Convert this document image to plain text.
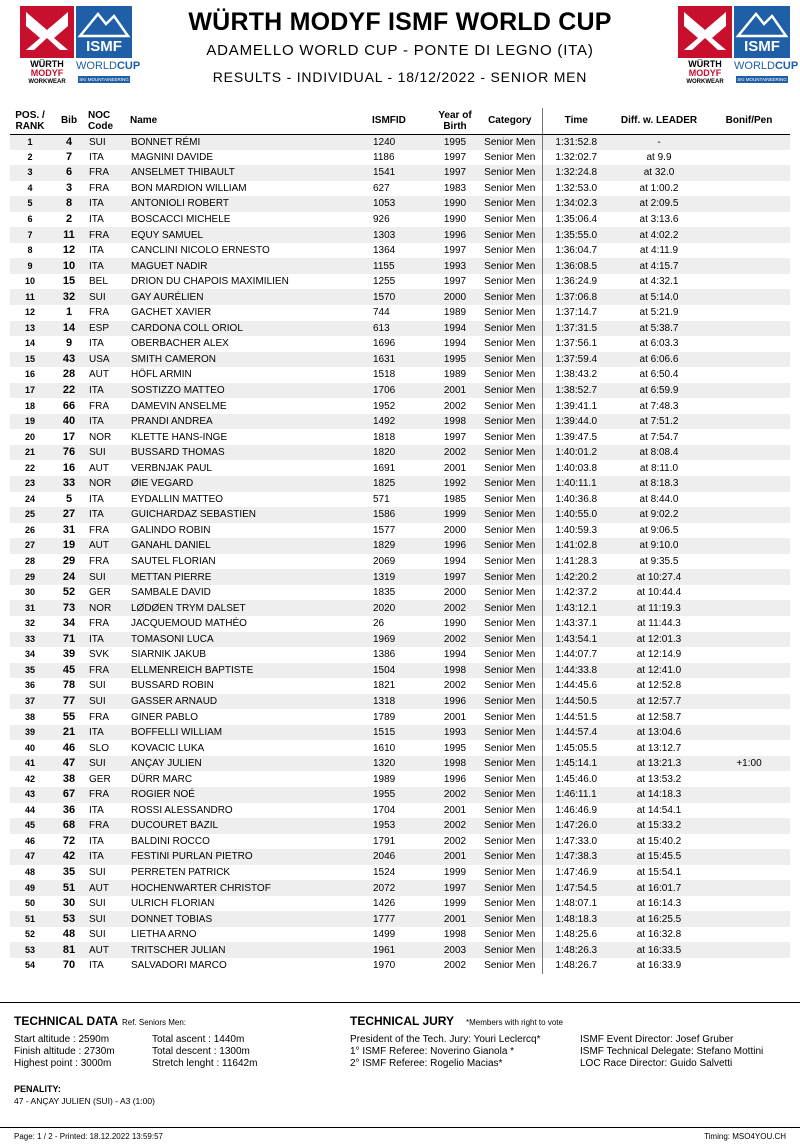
WÜRTH
MODYF
WORKWEAR
ISMF
WORLDCUP
SKI MOUNTAINEERING
WÜRTH
MODYF
WORKWEAR
ISMF
WORLDCUP
SKI MOUNTAINEERING
WÜRTH MODYF ISMF WORLD CUP
ADAMELLO WORLD CUP - PONTE DI LEGNO (ITA)
RESULTS - INDIVIDUAL - 18/12/2022 - SENIOR MEN
POS. / RANK	Bib	NOC Code	Name	ISMFID	Year of Birth	Category	Time	Diff. w. LEADER	Bonif/Pen
1	4	SUI	BONNET RÉMI	1240	1995	Senior Men	1:31:52.8	-	
2	7	ITA	MAGNINI DAVIDE	1186	1997	Senior Men	1:32:02.7	at 9.9	
3	6	FRA	ANSELMET THIBAULT	1541	1997	Senior Men	1:32:24.8	at 32.0	
4	3	FRA	BON MARDION WILLIAM	627	1983	Senior Men	1:32:53.0	at 1:00.2	
5	8	ITA	ANTONIOLI ROBERT	1053	1990	Senior Men	1:34:02.3	at 2:09.5	
6	2	ITA	BOSCACCI MICHELE	926	1990	Senior Men	1:35:06.4	at 3:13.6	
7	11	FRA	EQUY SAMUEL	1303	1996	Senior Men	1:35:55.0	at 4:02.2	
8	12	ITA	CANCLINI NICOLO ERNESTO	1364	1997	Senior Men	1:36:04.7	at 4:11.9	
9	10	ITA	MAGUET NADIR	1155	1993	Senior Men	1:36:08.5	at 4:15.7	
10	15	BEL	DRION DU CHAPOIS MAXIMILIEN	1255	1997	Senior Men	1:36:24.9	at 4:32.1	
11	32	SUI	GAY AURÉLIEN	1570	2000	Senior Men	1:37:06.8	at 5:14.0	
12	1	FRA	GACHET XAVIER	744	1989	Senior Men	1:37:14.7	at 5:21.9	
13	14	ESP	CARDONA COLL ORIOL	613	1994	Senior Men	1:37:31.5	at 5:38.7	
14	9	ITA	OBERBACHER ALEX	1696	1994	Senior Men	1:37:56.1	at 6:03.3	
15	43	USA	SMITH CAMERON	1631	1995	Senior Men	1:37:59.4	at 6:06.6	
16	28	AUT	HÖFL ARMIN	1518	1989	Senior Men	1:38:43.2	at 6:50.4	
17	22	ITA	SOSTIZZO MATTEO	1706	2001	Senior Men	1:38:52.7	at 6:59.9	
18	66	FRA	DAMEVIN ANSELME	1952	2002	Senior Men	1:39:41.1	at 7:48.3	
19	40	ITA	PRANDI ANDREA	1492	1998	Senior Men	1:39:44.0	at 7:51.2	
20	17	NOR	KLETTE HANS-INGE	1818	1997	Senior Men	1:39:47.5	at 7:54.7	
21	76	SUI	BUSSARD THOMAS	1820	2002	Senior Men	1:40:01.2	at 8:08.4	
22	16	AUT	VERBNJAK PAUL	1691	2001	Senior Men	1:40:03.8	at 8:11.0	
23	33	NOR	ØIE VEGARD	1825	1992	Senior Men	1:40:11.1	at 8:18.3	
24	5	ITA	EYDALLIN MATTEO	571	1985	Senior Men	1:40:36.8	at 8:44.0	
25	27	ITA	GUICHARDAZ SEBASTIEN	1586	1999	Senior Men	1:40:55.0	at 9:02.2	
26	31	FRA	GALINDO ROBIN	1577	2000	Senior Men	1:40:59.3	at 9:06.5	
27	19	AUT	GANAHL DANIEL	1829	1996	Senior Men	1:41:02.8	at 9:10.0	
28	29	FRA	SAUTEL FLORIAN	2069	1994	Senior Men	1:41:28.3	at 9:35.5	
29	24	SUI	METTAN PIERRE	1319	1997	Senior Men	1:42:20.2	at 10:27.4	
30	52	GER	SAMBALE DAVID	1835	2000	Senior Men	1:42:37.2	at 10:44.4	
31	73	NOR	LØDØEN TRYM DALSET	2020	2002	Senior Men	1:43:12.1	at 11:19.3	
32	34	FRA	JACQUEMOUD MATHÉO	26	1990	Senior Men	1:43:37.1	at 11:44.3	
33	71	ITA	TOMASONI LUCA	1969	2002	Senior Men	1:43:54.1	at 12:01.3	
34	39	SVK	SIARNIK JAKUB	1386	1994	Senior Men	1:44:07.7	at 12:14.9	
35	45	FRA	ELLMENREICH BAPTISTE	1504	1998	Senior Men	1:44:33.8	at 12:41.0	
36	78	SUI	BUSSARD ROBIN	1821	2002	Senior Men	1:44:45.6	at 12:52.8	
37	77	SUI	GASSER ARNAUD	1318	1996	Senior Men	1:44:50.5	at 12:57.7	
38	55	FRA	GINER PABLO	1789	2001	Senior Men	1:44:51.5	at 12:58.7	
39	21	ITA	BOFFELLI WILLIAM	1515	1993	Senior Men	1:44:57.4	at 13:04.6	
40	46	SLO	KOVACIC LUKA	1610	1995	Senior Men	1:45:05.5	at 13:12.7	
41	47	SUI	ANÇAY JULIEN	1320	1998	Senior Men	1:45:14.1	at 13:21.3	+1:00
42	38	GER	DÜRR MARC	1989	1996	Senior Men	1:45:46.0	at 13:53.2	
43	67	FRA	ROGIER NOÉ	1955	2002	Senior Men	1:46:11.1	at 14:18.3	
44	36	ITA	ROSSI ALESSANDRO	1704	2001	Senior Men	1:46:46.9	at 14:54.1	
45	68	FRA	DUCOURET BAZIL	1953	2002	Senior Men	1:47:26.0	at 15:33.2	
46	72	ITA	BALDINI ROCCO	1791	2002	Senior Men	1:47:33.0	at 15:40.2	
47	42	ITA	FESTINI PURLAN PIETRO	2046	2001	Senior Men	1:47:38.3	at 15:45.5	
48	35	SUI	PERRETEN PATRICK	1524	1999	Senior Men	1:47:46.9	at 15:54.1	
49	51	AUT	HOCHENWARTER CHRISTOF	2072	1997	Senior Men	1:47:54.5	at 16:01.7	
50	30	SUI	ULRICH FLORIAN	1426	1999	Senior Men	1:48:07.1	at 16:14.3	
51	53	SUI	DONNET TOBIAS	1777	2001	Senior Men	1:48:18.3	at 16:25.5	
52	48	SUI	LIETHA ARNO	1499	1998	Senior Men	1:48:25.6	at 16:32.8	
53	81	AUT	TRITSCHER JULIAN	1961	2003	Senior Men	1:48:26.3	at 16:33.5	
54	70	ITA	SALVADORI MARCO	1970	2002	Senior Men	1:48:26.7	at 16:33.9	
TECHNICAL DATA Ref. Seniors Men:
Start altitude : 2590m
Finish altitude : 2730m
Highest point : 3000m
Total ascent : 1440m
Total descent : 1300m
Stretch lenght : 11642m
TECHNICAL JURY *Members with right to vote
President of the Tech. Jury: Youri Leclercq*
1° ISMF Referee: Noverino Gianola *
2° ISMF Referee: Rogelio Macias*
ISMF Event Director: Josef Gruber
ISMF Technical Delegate: Stefano Mottini
LOC Race Director: Guido Salvetti
PENALITY:
47 - ANÇAY JULIEN (SUI) - A3 (1:00)
Page: 1 / 2 - Printed: 18.12.2022 13:59:57	Timing: MSO4YOU.CH
